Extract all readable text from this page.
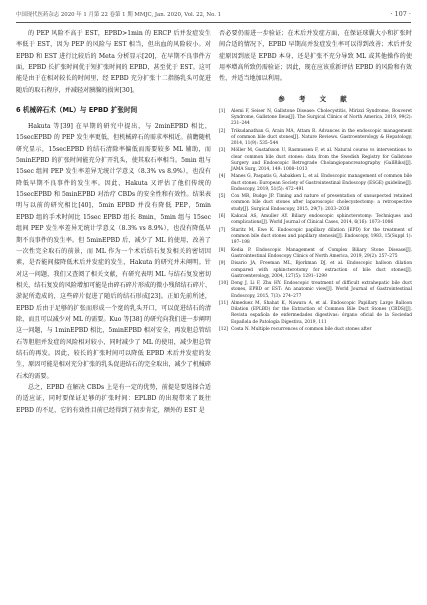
中国现代医药杂志 2020 年 1 月第 22 卷第 1 期 MMJC, Jan. 2020, Vol. 22, No. 1	· 107 ·

的 PEP 风险不高于 EST，EPBD>1min 的 ERCP 后并发症发生率低于 EST，因为 PEP 的风险与 EST 相当，但出血的风险较小。对 EPBD 和 EST 进行比较后的 Meta 分析显示[20]，在早期不良事件方面，EPBD 长扩张时间优于短扩张时间的 EPBD，甚至优于 EST。这可能是由于在相对较长的时间里，经 EPBD 充分扩张十二指肠乳头可促进随后的取石程序，并减轻对胰腺的损害[30]。

6 机械碎石术（ML）与 EPBD 扩张时间

Hakuta 等[39] 在早期的研究中提出，与 2minEPBD 相比，15secEPBD 的 PEP 发生率更低，但机械碎石的需求率相近。前瞻随机研究显示，15secEPBD 的结石清除率偏低而需要较多 ML 辅助，而 5minEPBD 的扩张时间能充分扩开乳头，使其取石率相当。5min 组与 15sec 组间 PEP 发生率差异无统计学意义（8.3% vs 8.9%），也没有降低早期不良事件的发生率。因此，Hakuta 又评估了他们传统的 15secEPBD 和 5minEPBD 对治疗 CBDs 的安全性和有效性。结果表明与以前的研究相比[40]，5min EPBD 并没有降低 PEP，5min EPBD 组的手术时间比 15sec EPBD 组长 8min，5min 组与 15sec 组间 PEP 发生率差异无统计学意义（8.3% vs 8.9%），也没有降低早期不良事件的发生率。但 5minEPBD 后，减少了 ML 的使用，改善了一次性完全取石的前景，而 ML 作为一个术后结石复发相关的密切因素，是否能间接降低术后并发症的发生，Hakuta 的研究并未阐明。针对这一问题，我们又查阅了相关文献，有研究表明 ML 与结石复发密切相关，结石复发的风险增加可能是由碎石碎片形成的微小残留结石碎片、淤泥所造成的，这些碎片促进了随后的结石形成[23]。正如先前所述，EPBD 后由于足够的扩张而形成一个宽的乳头开口，可以促进结石的清除，而且可以减少对 ML 的需要。Kuo 等[38] 的研究向我们进一步阐明这一问题，与 1minEPBD 相比，5minEPBD 相对安全，再发胆总管结石等胆胆并发症的风险相对较小，同时减少了 ML 的使用，减少胆总管结石的再发。因此，较长的扩张时间可以降低 EPBD 术后并发症的发生，原因可能是相对充分扩张的乳头促进结石的完全取出，减少了机械碎石术的需要。

总之，EPBD 在解决 CBDs 上是有一定的优势，前提是要选择合适的适应证，同时要保证足够的扩张时间：EPLBD 的出现带来了既往 EPBD 的不足，它的有效性目前已经得到了初步肯定，额外的 EST 是

否必要仍需进一步验证；在术后并发症方面，在保证球囊大小和扩张时间合适的情况下，EPBD 早期高并发症发生率可以得到改善；术后并发症原因到底是 EPBD 本身，还是扩张不充分导致 ML 或其他操作的使用率增高所致仍需验证；因此，现在应该重新评估 EPBD 的风险和有效性，并适当地加以利用。

参 考 文 献
[1] Alemi F, Seiser N, Gallstone Disease: Cholecystitis, Mirizzi Syndrome, Bouveret Syndrome, Gallstone Ileus[J]. The Surgical Clinics of North America, 2019, 99(2): 231–244
[2] Trikudanathan G, Arain MA, Attam R. Advances in the endoscopic management of common bile duct stones[J]. Nature Reviews. Gastroenterology & Hepatology, 2014, 11(9): 535–544
[3] Möller M, Gustafsson U, Rasmussen F, et al. Natural course vs interventions to clear common bile duct stones: data from the Swedish Registry for Gallstone Surgery and Endoscopic Retrograde Cholangiopancreatography (GallRiks)[J]. JAMA Surg, 2014, 149: 1008–1013
[4] Manes G, Paspatis G, Aabakken L, et al. Endoscopic management of common bile duct stones: European Society of Gastrointestinal Endoscopy (ESGE) guideline[J]. Endoscopy, 2019, 51(5): 472–491
[5] Cox MR, Budge JP. Timing and nature of presentation of unsuspected retained common bile duct stones after laparoscopic cholecystectomy: a retrospective study[J]. Surgical Endoscopy, 2015, 29(7): 2033–2038
[6] Kakıcal AS, Amuller AY. Biliary endoscopic sphincterotomy: Techniques and complications[J]. World Journal of Clinical Cases, 2014, 6(16): 1073–1086
[7] Staritz M, Ewe K. Endoscopic papillary dilation (EPD) for the treatment of common bile duct stones and papillary stenosis[J]. Endoscopy, 1983, 15(Suppl 1): 197–198
[8] Kedia P. Endoscopic Management of Complex Biliary Stone Disease[J]. Gastrointestinal Endoscopy Clinics of North America, 2019, 29(2): 257–275
[9] Disario JA, Freeman ML, Bjorkman DJ, et al. Endoscopic balloon dilation compared with sphincterotomy for extraction of bile duct stones[J]. Gastroenterology, 2004, 127(5): 1291–1299
[10] Dong J, Li F, Zhu HY. Endoscopic treatment of difficult extrahepatic bile duct stones, EPBD or EST: An anatomic view[J]. World Journal of Gastrointestinal Endoscopy, 2015, 7(3): 274–277
[11] Almeduez M, Shahat K, Nawara A, et al. Endoscopic Papillary Large Balloon Dilation (EPLBD) for the Extraction of Common Bile Duct Stones (CBDS)[J]. Revista española de enfermedades digestivas: órgano oficial de la Sociedad Española de Patología Digestiva, 2019, 111
[12] Costa N. Multiple recurrences of common bile duct stones after
